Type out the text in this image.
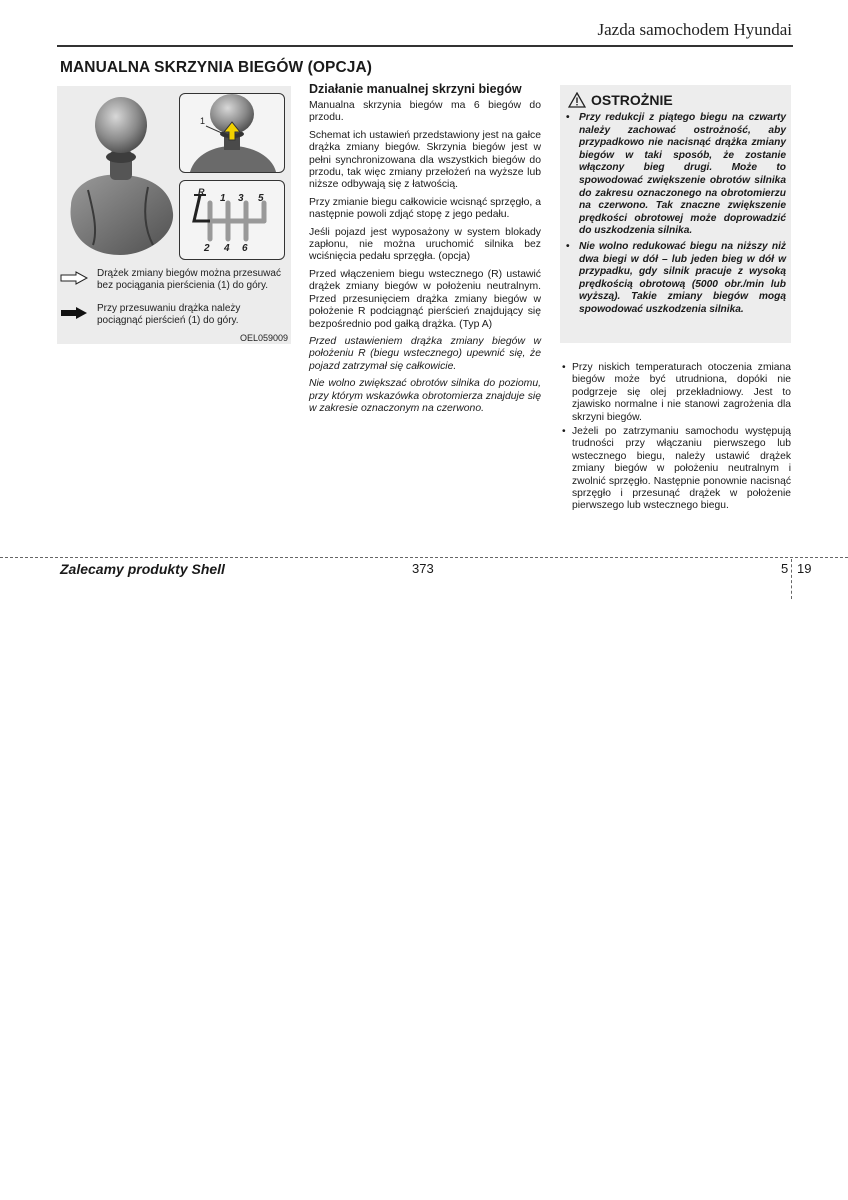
Jazda samochodem Hyundai
MANUALNA SKRZYNIA BIEGÓW (OPCJA)
1
R
1 3 5
2 4 6
Drążek zmiany biegów można przesuwać bez pociągania pierścienia (1) do góry.
Przy przesuwaniu drążka należy pociągnąć pierścień (1) do góry.
OEL059009
Działanie manualnej skrzyni biegów

Manualna skrzynia biegów ma 6 biegów do przodu.

Schemat ich ustawień przedstawiony jest na gałce drążka zmiany biegów. Skrzynia biegów jest w pełni synchronizowana dla wszystkich biegów do przodu, tak więc zmiany przełożeń na wyższe lub niższe odbywają się z łatwością.

Przy zmianie biegu całkowicie wcisnąć sprzęgło, a następnie powoli zdjąć stopę z jego pedału.

Jeśli pojazd jest wyposażony w system blokady zapłonu, nie można uruchomić silnika bez wciśnięcia pedału sprzęgła. (opcja)

Przed włączeniem biegu wstecznego (R) ustawić drążek zmiany biegów w położeniu neutralnym. Przed przesunięciem drążka zmiany biegów w położenie R podciągnąć pierścień znajdujący się bezpośrednio pod gałką drążka. (Typ A)

Przed ustawieniem drążka zmiany biegów w położeniu R (biegu wstecznego) upewnić się, że pojazd zatrzymał się całkowicie.

Nie wolno zwiększać obrotów silnika do poziomu, przy którym wskazówka obrotomierza znajduje się w zakresie oznaczonym na czerwono.

OSTROŻNIE
• Przy redukcji z piątego biegu na czwarty należy zachować ostrożność, aby przypadkowo nie nacisnąć drążka zmiany biegów w taki sposób, że zostanie włączony bieg drugi. Może to spowodować zwiększenie obrotów silnika do zakresu oznaczonego na obrotomierzu na czerwono. Tak znaczne zwiększenie prędkości obrotowej może doprowadzić do uszkodzenia silnika.
• Nie wolno redukować biegu na niższy niż dwa biegi w dół – lub jeden bieg w dół w przypadku, gdy silnik pracuje z wysoką prędkością obrotową (5000 obr./min lub wyższą). Takie zmiany biegów mogą spowodować uszkodzenia silnika.
• Przy niskich temperaturach otoczenia zmiana biegów może być utrudniona, dopóki nie podgrzeje się olej przekładniowy. Jest to zjawisko normalne i nie stanowi zagrożenia dla skrzyni biegów.
• Jeżeli po zatrzymaniu samochodu występują trudności przy włączaniu pierwszego lub wstecznego biegu, należy ustawić drążek zmiany biegów w położeniu neutralnym i zwolnić sprzęgło. Następnie ponownie nacisnąć sprzęgło i przesunąć drążek w położenie pierwszego lub wstecznego biegu.
Zalecamy produkty Shell	373	5 19
